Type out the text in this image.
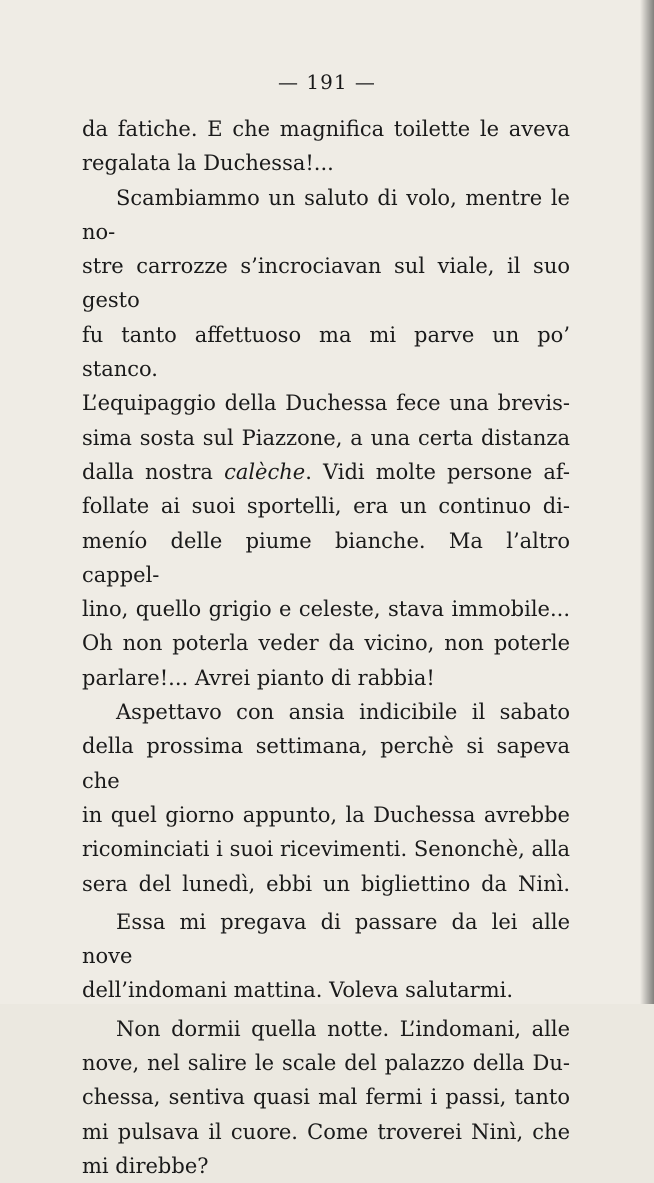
— 191 —

da fatiche. E che magnifica toilette le aveva

regalata la Duchessa!...

Scambiammo un saluto di volo, mentre le no-

stre carrozze s’incrociavan sul viale, il suo gesto

fu tanto affettuoso ma mi parve un po’ stanco.

L’equipaggio della Duchessa fece una brevis-

sima sosta sul Piazzone, a una certa distanza

dalla nostra calèche. Vidi molte persone af-

follate ai suoi sportelli, era un continuo di-

menío delle piume bianche. Ma l’altro cappel-

lino, quello grigio e celeste, stava immobile...

Oh non poterla veder da vicino, non poterle

parlare!... Avrei pianto di rabbia!

Aspettavo con ansia indicibile il sabato

della prossima settimana, perchè si sapeva che

in quel giorno appunto, la Duchessa avrebbe

ricominciati i suoi ricevimenti. Senonchè, alla

sera del lunedì, ebbi un bigliettino da Ninì.

Essa mi pregava di passare da lei alle nove

dell’indomani mattina. Voleva salutarmi.

Non dormii quella notte. L’indomani, alle

nove, nel salire le scale del palazzo della Du-

chessa, sentiva quasi mal fermi i passi, tanto

mi pulsava il cuore. Come troverei Ninì, che

mi direbbe?
